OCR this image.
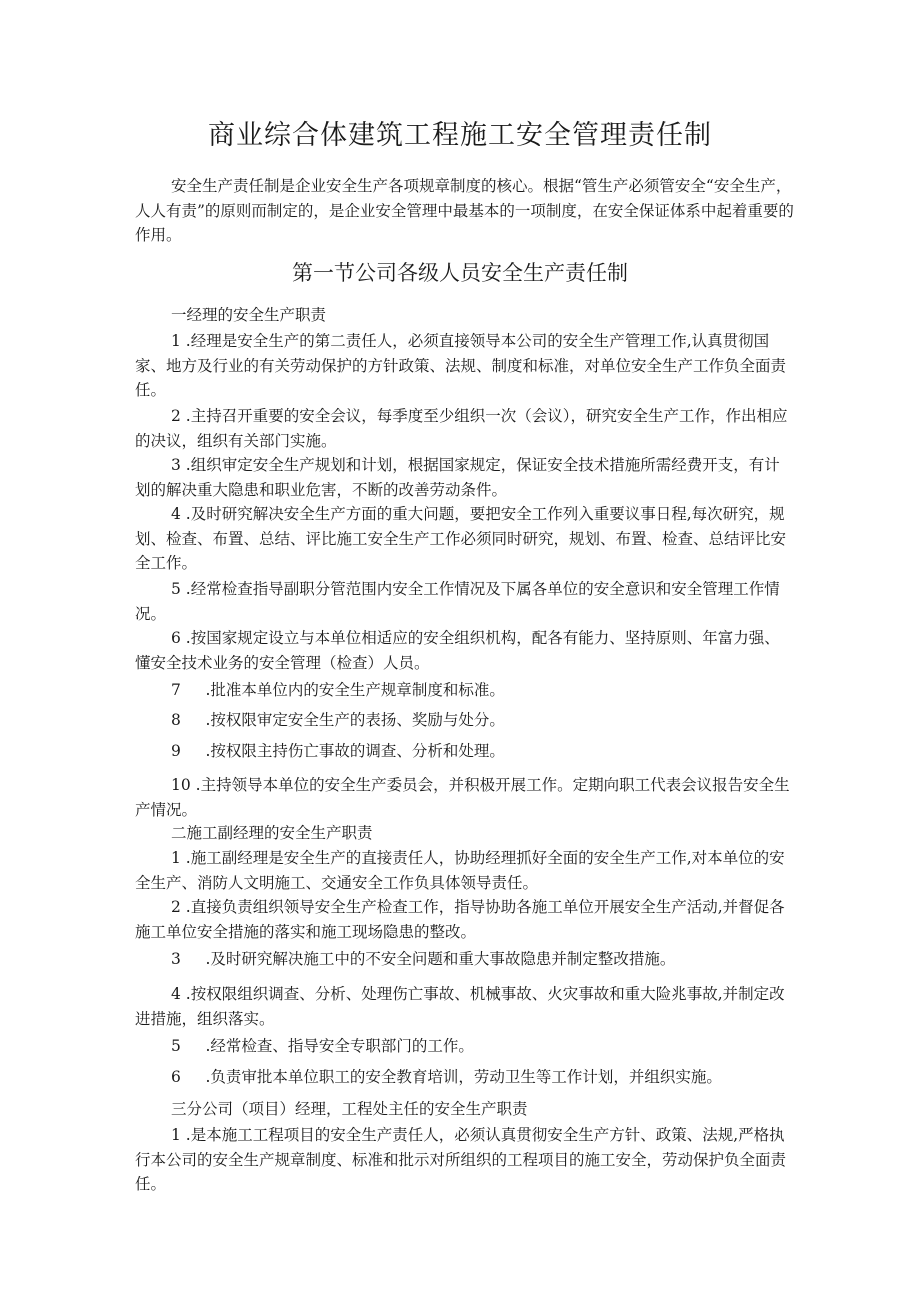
商业综合体建筑工程施工安全管理责任制

安全生产责任制是企业安全生产各项规章制度的核心。根据“管生产必须管安全“安全生产，人人有责”的原则而制定的，是企业安全管理中最基本的一项制度，在安全保证体系中起着重要的作用。

第一节公司各级人员安全生产责任制

一经理的安全生产职责

1 .经理是安全生产的第二责任人，必须直接领导本公司的安全生产管理工作,认真贯彻国家、地方及行业的有关劳动保护的方针政策、法规、制度和标准，对单位安全生产工作负全面责任。

2 .主持召开重要的安全会议，每季度至少组织一次（会议），研究安全生产工作，作出相应的决议，组织有关部门实施。

3 .组织审定安全生产规划和计划，根据国家规定，保证安全技术措施所需经费开支，有计划的解决重大隐患和职业危害，不断的改善劳动条件。

4 .及时研究解决安全生产方面的重大问题，要把安全工作列入重要议事日程,每次研究，规划、检查、布置、总结、评比施工安全生产工作必须同时研究，规划、布置、检查、总结评比安全工作。

5 .经常检查指导副职分管范围内安全工作情况及下属各单位的安全意识和安全管理工作情况。

6 .按国家规定设立与本单位相适应的安全组织机构，配各有能力、坚持原则、年富力强、懂安全技术业务的安全管理（检查）人员。

7     .批准本单位内的安全生产规章制度和标准。

8     .按权限审定安全生产的表扬、奖励与处分。

9     .按权限主持伤亡事故的调查、分析和处理。

10 .主持领导本单位的安全生产委员会，并积极开展工作。定期向职工代表会议报告安全生产情况。

二施工副经理的安全生产职责

1 .施工副经理是安全生产的直接责任人，协助经理抓好全面的安全生产工作,对本单位的安全生产、消防人文明施工、交通安全工作负具体领导责任。

2 .直接负责组织领导安全生产检查工作，指导协助各施工单位开展安全生产活动,并督促各施工单位安全措施的落实和施工现场隐患的整改。

3     .及时研究解决施工中的不安全问题和重大事故隐患并制定整改措施。

4 .按权限组织调查、分析、处理伤亡事故、机械事故、火灾事故和重大险兆事故,并制定改进措施，组织落实。

5     .经常检查、指导安全专职部门的工作。

6     .负责审批本单位职工的安全教育培训，劳动卫生等工作计划，并组织实施。

三分公司（项目）经理，工程处主任的安全生产职责

1 .是本施工工程项目的安全生产责任人，必须认真贯彻安全生产方针、政策、法规,严格执行本公司的安全生产规章制度、标准和批示对所组织的工程项目的施工安全，劳动保护负全面责任。
